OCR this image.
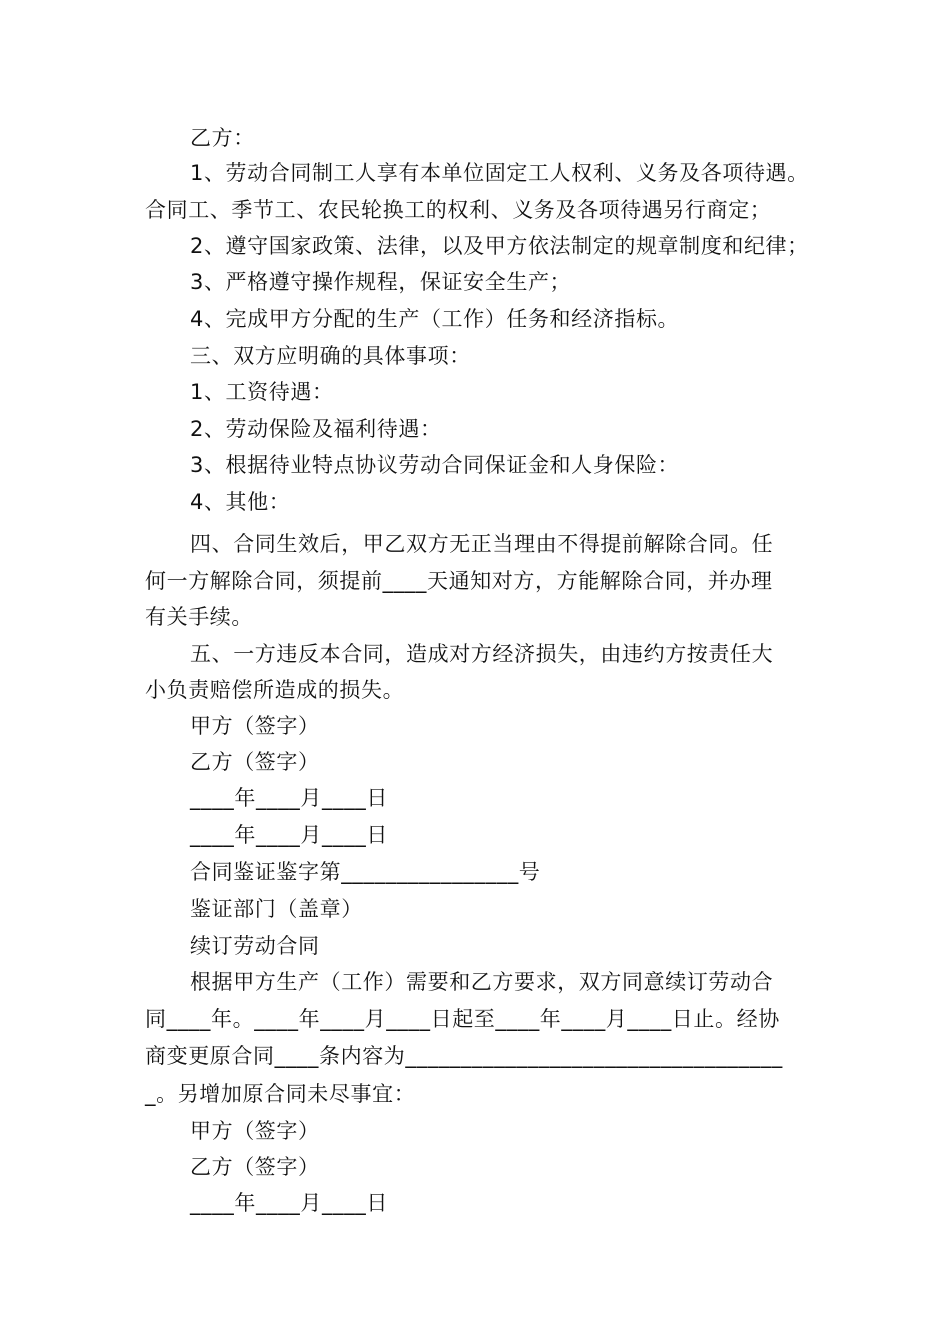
乙方：
1、劳动合同制工人享有本单位固定工人权利、义务及各项待遇。
合同工、季节工、农民轮换工的权利、义务及各项待遇另行商定；
2、遵守国家政策、法律，以及甲方依法制定的规章制度和纪律；
3、严格遵守操作规程，保证安全生产；
4、完成甲方分配的生产（工作）任务和经济指标。
三、双方应明确的具体事项：
1、工资待遇：
2、劳动保险及福利待遇：
3、根据待业特点协议劳动合同保证金和人身保险：
4、其他：
四、合同生效后，甲乙双方无正当理由不得提前解除合同。任
何一方解除合同，须提前____天通知对方，方能解除合同，并办理
有关手续。
五、一方违反本合同，造成对方经济损失，由违约方按责任大
小负责赔偿所造成的损失。
甲方（签字）
乙方（签字）
____年____月____日
____年____月____日
合同鉴证鉴字第________________号
鉴证部门（盖章）
续订劳动合同
根据甲方生产（工作）需要和乙方要求，双方同意续订劳动合
同____年。____年____月____日起至____年____月____日止。经协
商变更原合同____条内容为__________________________________
_。另增加原合同未尽事宜：
甲方（签字）
乙方（签字）
____年____月____日
